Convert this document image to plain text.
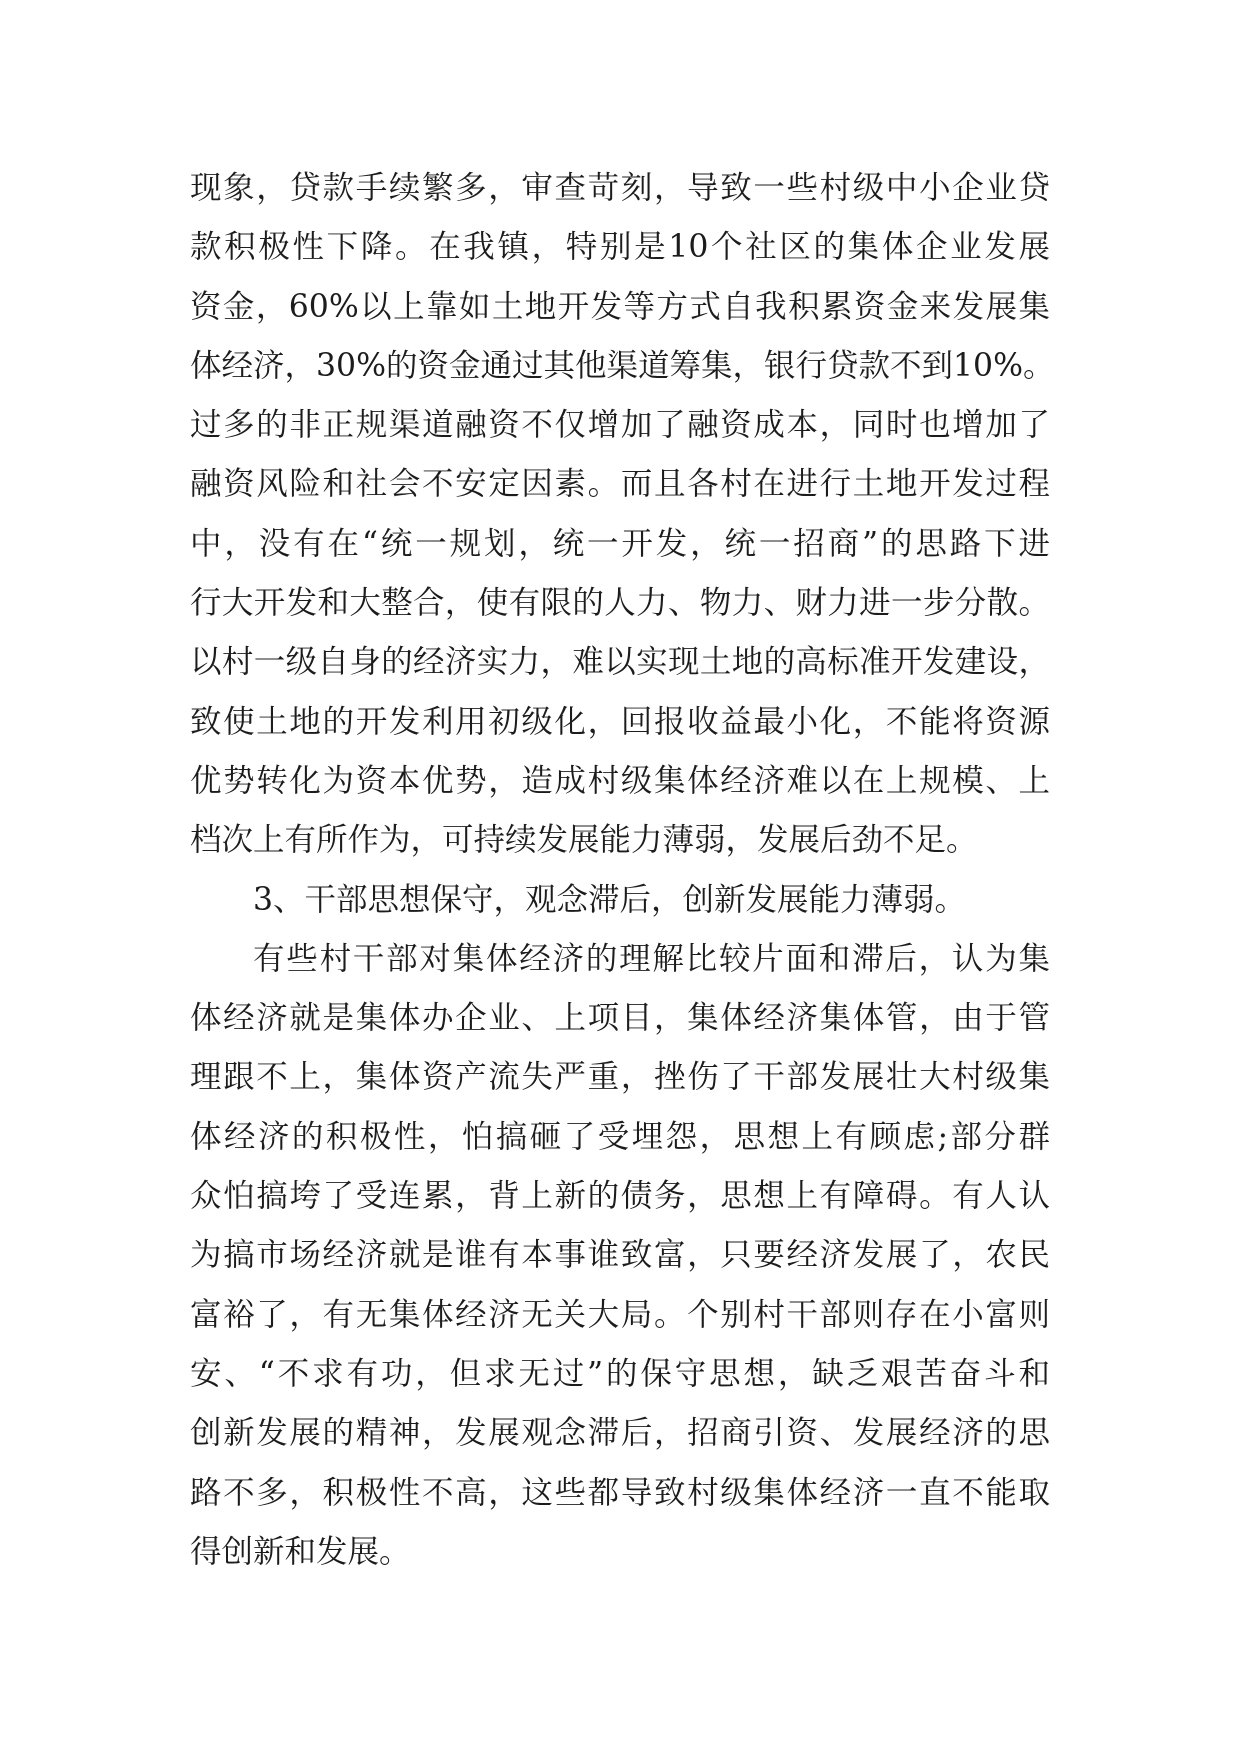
现象，贷款手续繁多，审查苛刻，导致一些村级中小企业贷
款积极性下降。在我镇，特别是10个社区的集体企业发展
资金，60%以上靠如土地开发等方式自我积累资金来发展集
体经济，30%的资金通过其他渠道筹集，银行贷款不到10%。
过多的非正规渠道融资不仅增加了融资成本，同时也增加了
融资风险和社会不安定因素。而且各村在进行土地开发过程
中，没有在“统一规划，统一开发，统一招商”的思路下进
行大开发和大整合，使有限的人力、物力、财力进一步分散。
以村一级自身的经济实力，难以实现土地的高标准开发建设，
致使土地的开发利用初级化，回报收益最小化，不能将资源
优势转化为资本优势，造成村级集体经济难以在上规模、上
档次上有所作为，可持续发展能力薄弱，发展后劲不足。
3、干部思想保守，观念滞后，创新发展能力薄弱。
有些村干部对集体经济的理解比较片面和滞后，认为集
体经济就是集体办企业、上项目，集体经济集体管，由于管
理跟不上，集体资产流失严重，挫伤了干部发展壮大村级集
体经济的积极性，怕搞砸了受埋怨，思想上有顾虑;部分群
众怕搞垮了受连累，背上新的债务，思想上有障碍。有人认
为搞市场经济就是谁有本事谁致富，只要经济发展了，农民
富裕了，有无集体经济无关大局。个别村干部则存在小富则
安、“不求有功，但求无过”的保守思想，缺乏艰苦奋斗和
创新发展的精神，发展观念滞后，招商引资、发展经济的思
路不多，积极性不高，这些都导致村级集体经济一直不能取
得创新和发展。
